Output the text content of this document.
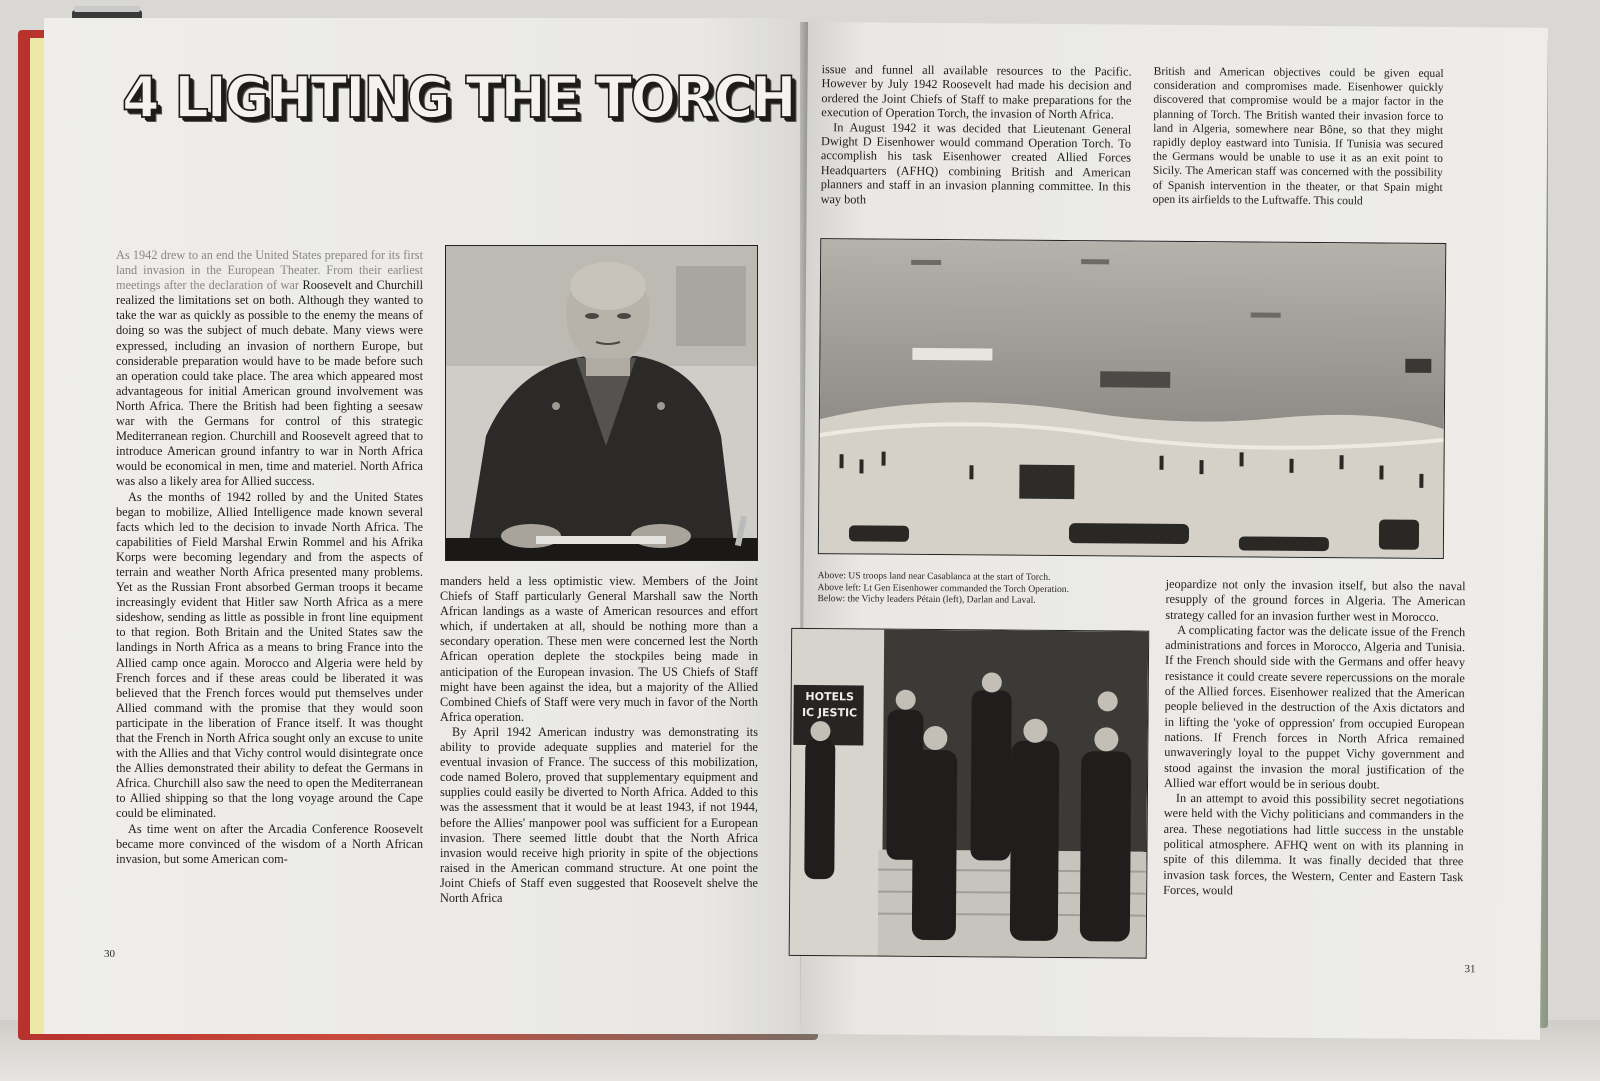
4 LIGHTING THE TORCH

As 1942 drew to an end the United States prepared for its first land invasion in the European Theater. From their earliest meetings after the declaration of war Roosevelt and Churchill realized the limitations set on both. Although they wanted to take the war as quickly as possible to the enemy the means of doing so was the subject of much debate. Many views were expressed, including an invasion of northern Europe, but considerable preparation would have to be made before such an operation could take place. The area which appeared most advantageous for initial American ground involvement was North Africa. There the British had been fighting a seesaw war with the Germans for control of this strategic Mediterranean region. Churchill and Roosevelt agreed that to introduce American ground infantry to war in North Africa would be economical in men, time and materiel. North Africa was also a likely area for Allied success.

As the months of 1942 rolled by and the United States began to mobilize, Allied Intelligence made known several facts which led to the decision to invade North Africa. The capabilities of Field Marshal Erwin Rommel and his Afrika Korps were becoming legendary and from the aspects of terrain and weather North Africa presented many problems. Yet as the Russian Front absorbed German troops it became increasingly evident that Hitler saw North Africa as a mere sideshow, sending as little as possible in front line equipment to that region. Both Britain and the United States saw the landings in North Africa as a means to bring France into the Allied camp once again. Morocco and Algeria were held by French forces and if these areas could be liberated it was believed that the French forces would put themselves under Allied command with the promise that they would soon participate in the liberation of France itself. It was thought that the French in North Africa sought only an excuse to unite with the Allies and that Vichy control would disintegrate once the Allies demonstrated their ability to defeat the Germans in Africa. Churchill also saw the need to open the Mediterranean to Allied shipping so that the long voyage around the Cape could be eliminated.

As time went on after the Arcadia Conference Roosevelt became more convinced of the wisdom of a North African invasion, but some American com-

manders held a less optimistic view. Members of the Joint Chiefs of Staff particularly General Marshall saw the North African landings as a waste of American resources and effort which, if undertaken at all, should be nothing more than a secondary operation. These men were concerned lest the North African operation deplete the stockpiles being made in anticipation of the European invasion. The US Chiefs of Staff might have been against the idea, but a majority of the Allied Combined Chiefs of Staff were very much in favor of the North Africa operation.

By April 1942 American industry was demonstrating its ability to provide adequate supplies and materiel for the eventual invasion of France. The success of this mobilization, code named Bolero, proved that supplementary equipment and supplies could easily be diverted to North Africa. Added to this was the assessment that it would be at least 1943, if not 1944, before the Allies' manpower pool was sufficient for a European invasion. There seemed little doubt that the North Africa invasion would receive high priority in spite of the objections raised in the American command structure. At one point the Joint Chiefs of Staff even suggested that Roosevelt shelve the North Africa

30

issue and funnel all available resources to the Pacific. However by July 1942 Roosevelt had made his decision and ordered the Joint Chiefs of Staff to make preparations for the execution of Operation Torch, the invasion of North Africa.

In August 1942 it was decided that Lieutenant General Dwight D Eisenhower would command Operation Torch. To accomplish his task Eisenhower created Allied Forces Headquarters (AFHQ) combining British and American planners and staff in an invasion planning committee. In this way both

British and American objectives could be given equal consideration and compromises made. Eisenhower quickly discovered that compromise would be a major factor in the planning of Torch. The British wanted their invasion force to land in Algeria, somewhere near Bône, so that they might rapidly deploy eastward into Tunisia. If Tunisia was secured the Germans would be unable to use it as an exit point to Sicily. The American staff was concerned with the possibility of Spanish intervention in the theater, or that Spain might open its airfields to the Luftwaffe. This could

Above: US troops land near Casablanca at the start of Torch.
Above left: Lt Gen Eisenhower commanded the Torch Operation.
Below: the Vichy leaders Pétain (left), Darlan and Laval.
HOTELS
IC JESTIC

jeopardize not only the invasion itself, but also the naval resupply of the ground forces in Algeria. The American strategy called for an invasion further west in Morocco.

A complicating factor was the delicate issue of the French administrations and forces in Morocco, Algeria and Tunisia. If the French should side with the Germans and offer heavy resistance it could create severe repercussions on the morale of the Allied forces. Eisenhower realized that the American people believed in the destruction of the Axis dictators and in lifting the 'yoke of oppression' from occupied European nations. If French forces in North Africa remained unwaveringly loyal to the puppet Vichy government and stood against the invasion the moral justification of the Allied war effort would be in serious doubt.

In an attempt to avoid this possibility secret negotiations were held with the Vichy politicians and commanders in the area. These negotiations had little success in the unstable political atmosphere. AFHQ went on with its planning in spite of this dilemma. It was finally decided that three invasion task forces, the Western, Center and Eastern Task Forces, would

31
